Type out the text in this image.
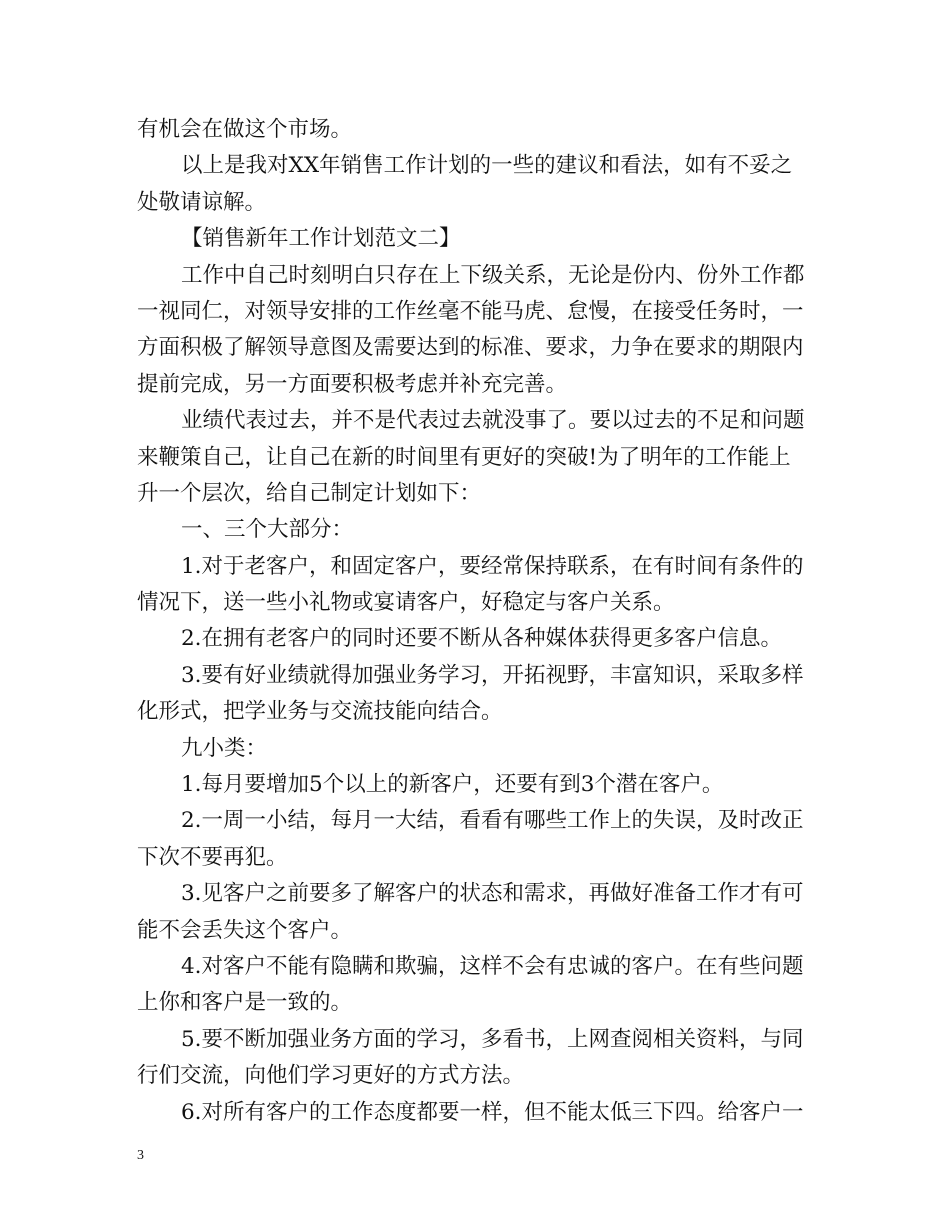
有机会在做这个市场。
以上是我对XX年销售工作计划的一些的建议和看法，如有不妥之
处敬请谅解。
【销售新年工作计划范文二】
工作中自己时刻明白只存在上下级关系，无论是份内、份外工作都
一视同仁，对领导安排的工作丝毫不能马虎、怠慢，在接受任务时，一
方面积极了解领导意图及需要达到的标准、要求，力争在要求的期限内
提前完成，另一方面要积极考虑并补充完善。
业绩代表过去，并不是代表过去就没事了。要以过去的不足和问题
来鞭策自己，让自己在新的时间里有更好的突破!为了明年的工作能上
升一个层次，给自己制定计划如下：
一、三个大部分：
1.对于老客户，和固定客户，要经常保持联系，在有时间有条件的
情况下，送一些小礼物或宴请客户，好稳定与客户关系。
2.在拥有老客户的同时还要不断从各种媒体获得更多客户信息。
3.要有好业绩就得加强业务学习，开拓视野，丰富知识，采取多样
化形式，把学业务与交流技能向结合。
九小类：
1.每月要增加5个以上的新客户，还要有到3个潜在客户。
2.一周一小结，每月一大结，看看有哪些工作上的失误，及时改正
下次不要再犯。
3.见客户之前要多了解客户的状态和需求，再做好准备工作才有可
能不会丢失这个客户。
4.对客户不能有隐瞒和欺骗，这样不会有忠诚的客户。在有些问题
上你和客户是一致的。
5.要不断加强业务方面的学习，多看书，上网查阅相关资料，与同
行们交流，向他们学习更好的方式方法。
6.对所有客户的工作态度都要一样，但不能太低三下四。给客户一
3
